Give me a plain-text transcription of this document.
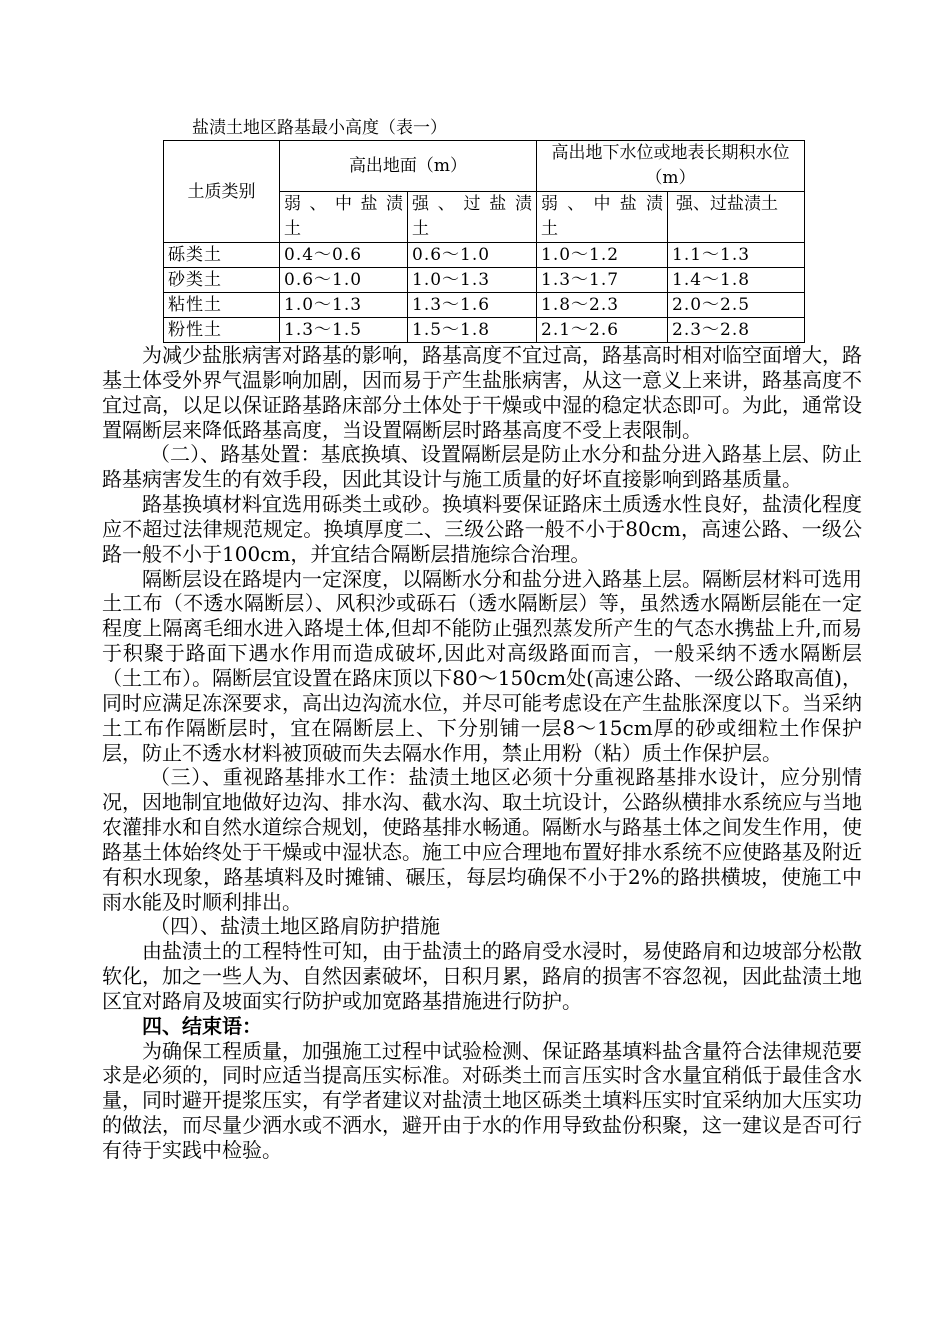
盐渍土地区路基最小高度（表一）
土质类别	高出地面（m）		高出地下水位或地表长期积水位（m）	
	弱 、 中 盐 渍 土	强 、 过 盐 渍 土	弱 、 中 盐 渍 土	强、过盐渍土
砾类土	0.4～0.6	0.6～1.0	1.0～1.2	1.1～1.3
砂类土	0.6～1.0	1.0～1.3	1.3～1.7	1.4～1.8
粘性土	1.0～1.3	1.3～1.6	1.8～2.3	2.0～2.5
粉性土	1.3～1.5	1.5～1.8	2.1～2.6	2.3～2.8

为减少盐胀病害对路基的影响，路基高度不宜过高，路基高时相对临空面增大，路基土体受外界气温影响加剧，因而易于产生盐胀病害，从这一意义上来讲，路基高度不宜过高，以足以保证路基路床部分土体处于干燥或中湿的稳定状态即可。为此，通常设置隔断层来降低路基高度，当设置隔断层时路基高度不受上表限制。

（二）、路基处置：基底换填、设置隔断层是防止水分和盐分进入路基上层、防止路基病害发生的有效手段，因此其设计与施工质量的好坏直接影响到路基质量。

路基换填材料宜选用砾类土或砂。换填料要保证路床土质透水性良好，盐渍化程度应不超过法律规范规定。换填厚度二、三级公路一般不小于80cm，高速公路、一级公路一般不小于100cm，并宜结合隔断层措施综合治理。

隔断层设在路堤内一定深度，以隔断水分和盐分进入路基上层。隔断层材料可选用土工布（不透水隔断层）、风积沙或砾石（透水隔断层）等，虽然透水隔断层能在一定程度上隔离毛细水进入路堤土体,但却不能防止强烈蒸发所产生的气态水携盐上升,而易于积聚于路面下遇水作用而造成破坏,因此对高级路面而言，一般采纳不透水隔断层（土工布）。隔断层宜设置在路床顶以下80～150cm处(高速公路、一级公路取高值)，同时应满足冻深要求，高出边沟流水位，并尽可能考虑设在产生盐胀深度以下。当采纳土工布作隔断层时，宜在隔断层上、下分别铺一层8～15cm厚的砂或细粒土作保护层，防止不透水材料被顶破而失去隔水作用，禁止用粉（粘）质土作保护层。

（三）、重视路基排水工作：盐渍土地区必须十分重视路基排水设计，应分别情况，因地制宜地做好边沟、排水沟、截水沟、取土坑设计，公路纵横排水系统应与当地农灌排水和自然水道综合规划，使路基排水畅通。隔断水与路基土体之间发生作用，使路基土体始终处于干燥或中湿状态。施工中应合理地布置好排水系统不应使路基及附近有积水现象，路基填料及时摊铺、碾压，每层均确保不小于2%的路拱横坡，使施工中雨水能及时顺利排出。

（四）、盐渍土地区路肩防护措施

由盐渍土的工程特性可知，由于盐渍土的路肩受水浸时，易使路肩和边坡部分松散软化，加之一些人为、自然因素破坏，日积月累，路肩的损害不容忽视，因此盐渍土地区宜对路肩及坡面实行防护或加宽路基措施进行防护。

四、结束语：

为确保工程质量，加强施工过程中试验检测、保证路基填料盐含量符合法律规范要求是必须的，同时应适当提高压实标准。对砾类土而言压实时含水量宜稍低于最佳含水量，同时避开提浆压实，有学者建议对盐渍土地区砾类土填料压实时宜采纳加大压实功的做法，而尽量少洒水或不洒水，避开由于水的作用导致盐份积聚，这一建议是否可行有待于实践中检验。
